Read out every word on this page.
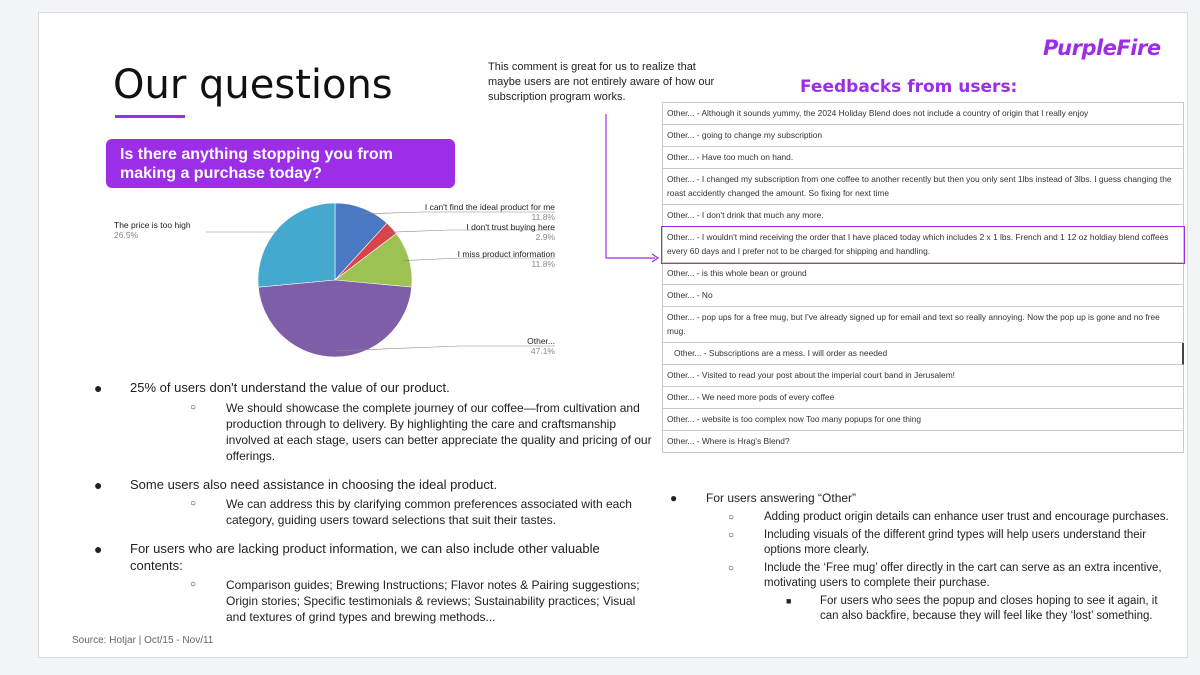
PurpleFire
Our questions
Is there anything stopping you from making a purchase today?
I can't find the ideal product for me
11.8%
I don't trust buying here
2.9%
I miss product information
11.8%
Other...
47.1%
The price is too high
26.5%
● 25% of users don't understand the value of our product.
○ We should showcase the complete journey of our coffee—from cultivation and production through to delivery. By highlighting the care and craftsmanship involved at each stage, users can better appreciate the quality and pricing of our offerings.
● Some users also need assistance in choosing the ideal product.
○ We can address this by clarifying common preferences associated with each category, guiding users toward selections that suit their tastes.
● For users who are lacking product information, we can also include other valuable contents:
○ Comparison guides; Brewing Instructions; Flavor notes & Pairing suggestions; Origin stories; Specific testimonials & reviews; Sustainability practices; Visual and textures of grind types and brewing methods...
Source: Hotjar | Oct/15 - Nov/11
This comment is great for us to realize that maybe users are not entirely aware of how our subscription program works.	Feedbacks from users:
Other... - Although it sounds yummy, the 2024 Holiday Blend does not include a country of origin that I really enjoy
Other... - going to change my subscription
Other... - Have too much on hand.
Other... - I changed my subscription from one coffee to another recently but then you only sent 1lbs instead of 3lbs. I guess changing the roast accidently changed the amount. So fixing for next time
Other... - I don't drink that much any more.
Other... - I wouldn't mind receiving the order that I have placed today which includes 2 x 1 lbs. French and 1 12 oz holdiay blend coffees every 60 days and I prefer not to be charged for shipping and handling.
Other... - is this whole bean or ground
Other... - No
Other... - pop ups for a free mug, but I've already signed up for email and text so really annoying. Now the pop up is gone and no free mug.
Other... - Subscriptions are a mess. I will order as needed
Other... - Visited to read your post about the imperial court band in Jerusalem!
Other... - We need more pods of every coffee
Other... - website is too complex now Too many popups for one thing
Other... - Where is Hrag's Blend?
● For users answering “Other”
○	Adding product origin details can enhance user trust and encourage purchases.
○	Including visuals of the different grind types will help users understand their options more clearly.
○	Include the ‘Free mug’ offer directly in the cart can serve as an extra incentive, motivating users to complete their purchase.
■ For users who sees the popup and closes hoping to see it again, it can also backfire, because they will feel like they ‘lost’ something.
